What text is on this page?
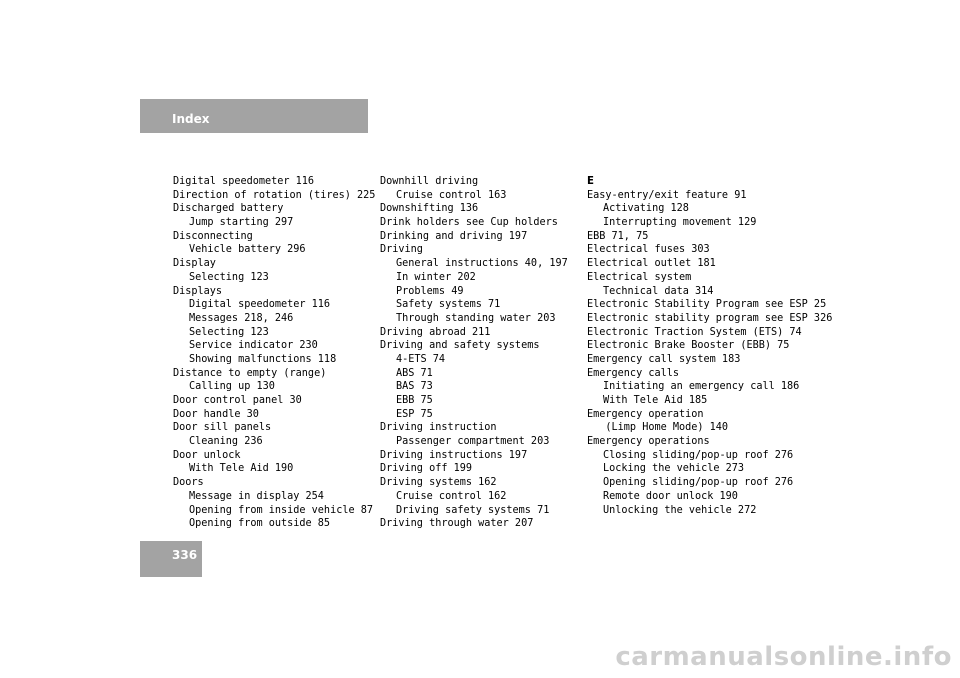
Index
Digital speedometer 116
Direction of rotation (tires) 225
Discharged battery
Jump starting 297
Disconnecting
Vehicle battery 296
Display
Selecting 123
Displays
Digital speedometer 116
Messages 218, 246
Selecting 123
Service indicator 230
Showing malfunctions 118
Distance to empty (range)
Calling up 130
Door control panel 30
Door handle 30
Door sill panels
Cleaning 236
Door unlock
With Tele Aid 190
Doors
Message in display 254
Opening from inside vehicle 87
Opening from outside 85
Downhill driving
Cruise control 163
Downshifting 136
Drink holders see Cup holders
Drinking and driving 197
Driving
General instructions 40, 197
In winter 202
Problems 49
Safety systems 71
Through standing water 203
Driving abroad 211
Driving and safety systems
4-ETS 74
ABS 71
BAS 73
EBB 75
ESP 75
Driving instruction
Passenger compartment 203
Driving instructions 197
Driving off 199
Driving systems 162
Cruise control 162
Driving safety systems 71
Driving through water 207
E
Easy-entry/exit feature 91
Activating 128
Interrupting movement 129
EBB 71, 75
Electrical fuses 303
Electrical outlet 181
Electrical system
Technical data 314
Electronic Stability Program see ESP 25
Electronic stability program see ESP 326
Electronic Traction System (ETS) 74
Electronic Brake Booster (EBB) 75
Emergency call system 183
Emergency calls
Initiating an emergency call 186
With Tele Aid 185
Emergency operation
(Limp Home Mode) 140
Emergency operations
Closing sliding/pop-up roof 276
Locking the vehicle 273
Opening sliding/pop-up roof 276
Remote door unlock 190
Unlocking the vehicle 272
336
carmanualsonline.info
